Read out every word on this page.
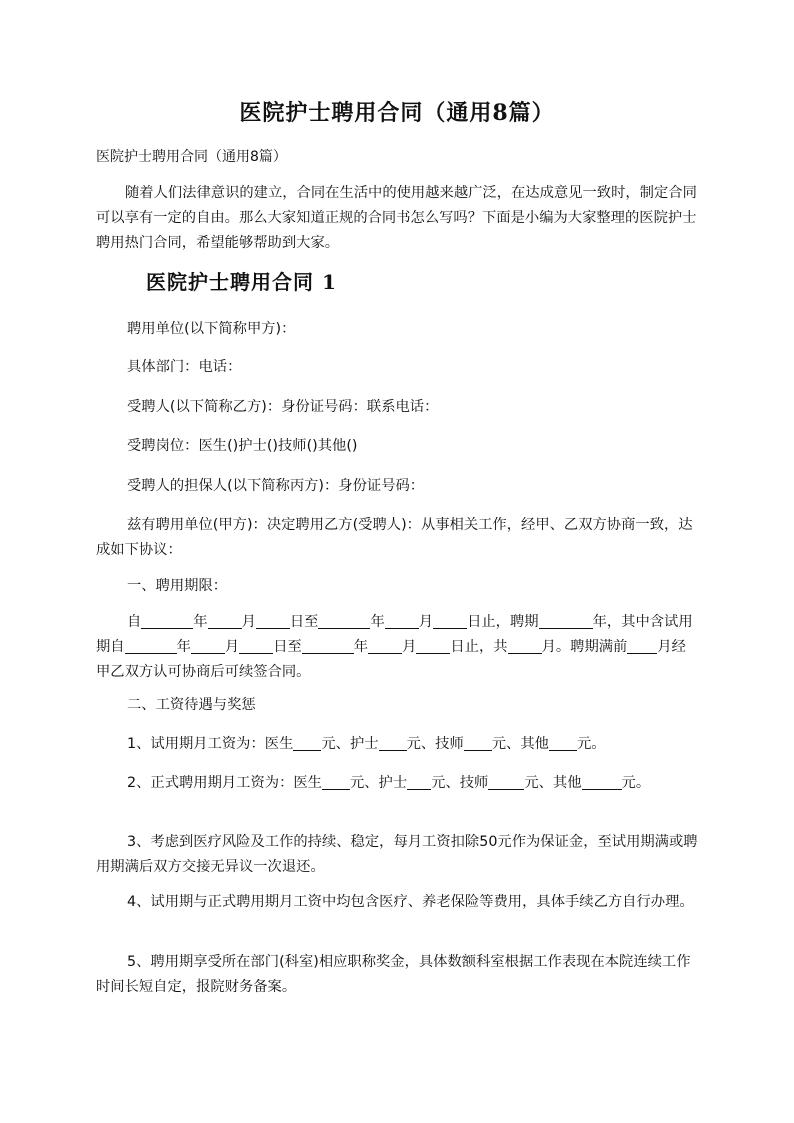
医院护士聘用合同（通用8篇）
医院护士聘用合同（通用8篇）

随着人们法律意识的建立，合同在生活中的使用越来越广泛，在达成意见一致时，制定合同可以享有一定的自由。那么大家知道正规的合同书怎么写吗？下面是小编为大家整理的医院护士聘用热门合同，希望能够帮助到大家。

医院护士聘用合同 1

聘用单位(以下简称甲方)：

具体部门：电话：

受聘人(以下简称乙方)：身份证号码：联系电话：

受聘岗位：医生()护士()技师()其他()

受聘人的担保人(以下简称丙方)：身份证号码：

兹有聘用单位(甲方)：决定聘用乙方(受聘人)：从事相关工作，经甲、乙双方协商一致，达成如下协议：

一、聘用期限：

自	年 月 日至	年 月 日止，聘期	年，其中含试用期自	年 月 日至	年 月 日止，共 月。聘期满前 月经甲乙双方认可协商后可续签合同。

二、工资待遇与奖惩

1、试用期月工资为：医生 元、护士 元、技师 元、其他 元。

2、正式聘用期月工资为：医生 元、护士 元、技师	元、其他	元。

3、考虑到医疗风险及工作的持续、稳定，每月工资扣除50元作为保证金，至试用期满或聘用期满后双方交接无异议一次退还。

4、试用期与正式聘用期月工资中均包含医疗、养老保险等费用，具体手续乙方自行办理。

5、聘用期享受所在部门(科室)相应职称奖金，具体数额科室根据工作表现在本院连续工作时间长短自定，报院财务备案。
